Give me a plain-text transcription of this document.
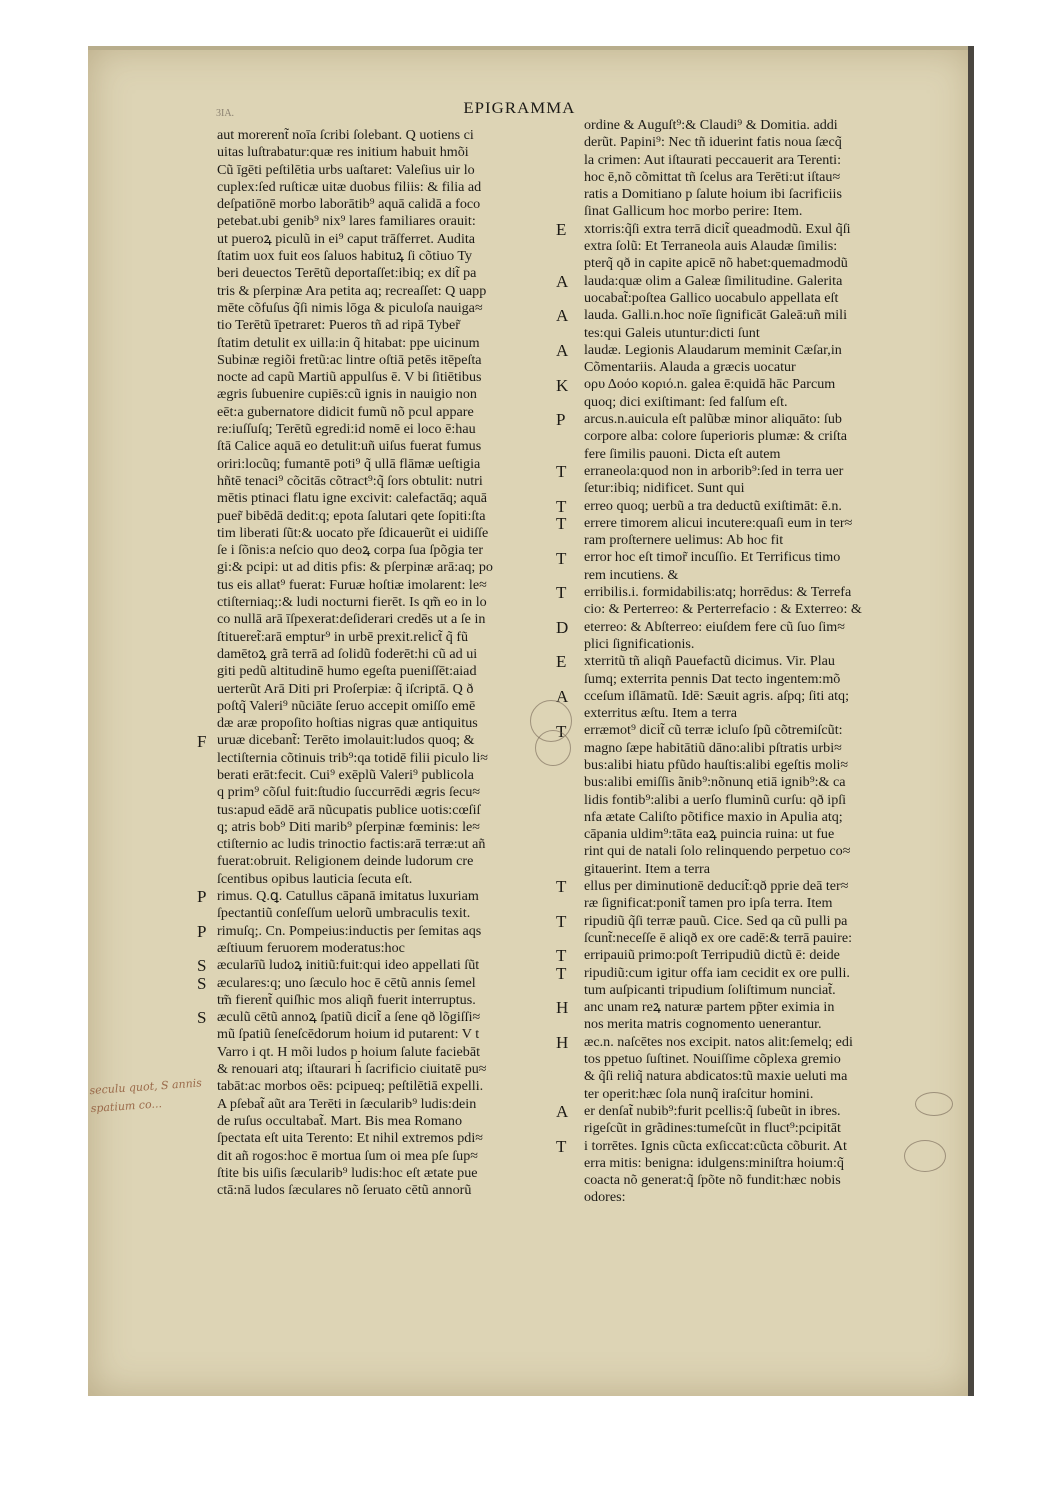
3IA.	EPIGRAMMA
aut morerent̃ noīa ſcribi ſolebant. Q uotiens ci
uitas luſtrabatur:quæ res initium habuit hmõi
Cũ īgēti peſtilētia urbs uaſtaret: Valeſius uir lo
cuplex:ſed ruſticæ uitæ duobus filiis: & filia ad
deſpatiōnē morbo laborātib⁹ aquā calidā a foco
petebat.ubi genib⁹ nix⁹ lares familiares orauit:
ut pueroꝝ piculũ in ei⁹ caput trāſferret. Audita
ſtatim uox fuit eos ſaluos habituꝝ ſi cõtiuo Ty
beri deuectos Terētũ deportaſſet:ibiq; ex dit̃ pa
tris & pſerpinæ Ara petita aq; recreaſſet: Q uapp
mēte cõfuſus q̃ſi nimis lōga & piculoſa nauiga≈
tio Terētũ īpetraret: Pueros tñ ad ripā Tyber̃
ſtatim detulit ex uilla:in q̃ hitabat: ppe uicinum
Subinæ regiõi fretũ:ac lintre oſtiā petēs itēpeſta
nocte ad capũ Martiũ appulſus ē. V bi ſitiētibus
ægris ſubuenire cupiēs:cũ ignis in nauigio non
eēt:a gubernatore didicit fumũ nõ pcul appare
re:iuſſuſq; Terētũ egredi:id nomē ei loco ē:hau
ſtā Calice aquā eo detulit:uñ uiſus fuerat fumus
oriri:locũq; fumantē poti⁹ q̃ ullā flāmæ ueſtigia
hñtē tenaci⁹ cõcitās cõtract⁹:q̃ ſors obtulit: nutri
mētis ptinaci flatu igne excivit: calefactāq; aquā
puer̃ bibēdā dedit:q; epota ſalutari qete ſopiti:ſta
tim liberati ſũt:& uocato pře ſdicauerũt ei uidiſſe
ſe i ſõnis:a neſcio quo deoꝝ corpa ſua ſpõgia ter
gi:& pcipi: ut ad ditis pfis: & pſerpinæ arā:aq; po
tus eis allat⁹ fuerat: Furuæ hoſtiæ imolarent: le≈
ctiſterniaq;:& ludi nocturni fierēt. Is qm̃ eo in lo
co nullā arā īſpexerat:deſiderari credēs ut a ſe in
ſtitueret̃:arā emptur⁹ in urbē prexit.relict̃ q̃ fũ
damētoꝝ grã terrā ad ſolidũ foderēt:hi cũ ad ui
giti pedũ altitudinē humo egeſta pueniſſēt:aiad
uerterũt Arā Diti pri Proſerpiæ: q̃ iſcriptā. Q ð
poſtq̃ Valeri⁹ nũciāte ſeruo accepit omiſſo emē
dæ aræ propoſito hoſtias nigras quæ antiquitus
uruæ dicebant̃: Terēto imolauit:ludos quoq; &
lectiſternia cõtinuis trib⁹:qa totidē filii piculo li≈
berati erāt:fecit. Cui⁹ exēplũ Valeri⁹ publicola
q prim⁹ cõſul fuit:ſtudio ſuccurrēdi ægris ſecu≈
tus:apud eādē arā nũcupatis publice uotis:cœſiſ
q; atris bob⁹ Diti marib⁹ pſerpinæ fœminis: le≈
ctiſternio ac ludis trinoctio factis:arā terræ:ut añ
fuerat:obruit. Religionem deinde ludorum cre
ſcentibus opibus lauticia ſecuta eſt.
rimus. Q.ꝗ. Catullus cāpanā imitatus luxuriam
ſpectantiũ conſeſſum uelorũ umbraculis texit.
rimuſq;. Cn. Pompeius:inductis per ſemitas aqs
æſtiuum feruorem moderatus:hoc
æcularīũ ludoꝝ initiũ:fuit:qui ideo appellati ſũt
æculares:q; uno ſæculo hoc ē cētũ annis ſemel
tm̃ fierent̃ quiſhic mos aliqñ fuerit interruptus.
æculũ cētũ annoꝝ ſpatiũ dicit̃ a ſene qð lõgiſſi≈
mũ ſpatiũ ſeneſcēdorum hoium id putarent: V t
Varro i qt. H mõi ludos p hoium ſalute faciebāt
& renouari atq; iſtaurari h̃ ſacrificio ciuitatē pu≈
tabāt:ac morbos oēs: pcipueq; peſtilētiā expelli.
A pſebat̃ aũt ara Terēti in ſæcularib⁹ ludis:dein
de ruſus occultabat̃. Mart. Bis mea Romano
ſpectata eſt uita Terento: Et nihil extremos pdi≈
dit añ rogos:hoc ē mortua ſum oi mea pſe ſup≈
ſtite bis uiſis ſæcularib⁹ ludis:hoc eſt ætate pue
ctā:nā ludos ſæculares nõ ſeruato cētũ annorũ
ordine & Auguſt⁹:& Claudi⁹ & Domitia. addi
derũt. Papini⁹: Nec tñ iduerint fatis noua ſæcq̃
la crimen: Aut iſtaurati peccauerit ara Terenti:
hoc ē,nõ cõmittat tñ ſcelus ara Terēti:ut iſtau≈
ratis a Domitiano p ſalute hoium ibi ſacrificiis
ſinat Gallicum hoc morbo perire: Item.
xtorris:q̃ſi extra terrā dicit̃ queadmodũ. Exul q̃ſi
extra ſolũ: Et Terraneola auis Alaudæ ſimilis:
pterq̃ qð in capite apicē nõ habet:quemadmodũ
lauda:quæ olim a Galeæ ſimilitudine. Galerita
uocabat̃:poſtea Gallico uocabulo appellata eſt
lauda. Galli.n.hoc noīe ſignificāt Galeā:uñ mili
tes:qui Galeis utuntur:dicti ſunt
laudæ. Legionis Alaudarum meminit Cæſar,in
Cõmentariis. Alauda a græcis uocatur
ορυ Δοόο κοριό.n. galea ē:quidā hāc Parcum
quoq; dici exiſtimant: ſed falſum eſt.
arcus.n.auicula eſt palũbæ minor aliquāto: ſub
corpore alba: colore ſuperioris plumæ: & criſta
fere ſimilis pauoni. Dicta eſt autem
erraneola:quod non in arborib⁹:ſed in terra uer
ſetur:ibiq; nidificet. Sunt qui
erreo quoq; uerbũ a tra deductũ exiſtimāt: ē.n.
errere timorem alicui incutere:quaſi eum in ter≈
ram proſternere uelimus: Ab hoc fit
error hoc eſt timor̃ incuſſio. Et Terrificus timo
rem incutiens. &
erribilis.i. formidabilis:atq; horrēdus: & Terrefa
cio: & Perterreo: & Perterrefacio : & Exterreo: &
eterreo: & Abſterreo: eiuſdem fere cũ ſuo ſim≈
plici ſignificationis.
xterritũ tñ aliqñ Pauefactũ dicimus. Vir. Plau
ſumq; exterrita pennis Dat tecto ingentem:mõ
cceſum iſlāmatũ. Idē: Sæuit agris. aſpq; ſiti atq;
exterritus æſtu. Item a terra
erræmot⁹ dicit̃ cũ terræ icluſo ſpũ cõtremiſcũt:
magno ſæpe habitātiũ dāno:alibi pſtratis urbi≈
bus:alibi hiatu pfũdo hauſtis:alibi egeſtis moli≈
bus:alibi emiſſis ãnib⁹:nõnunq etiā ignib⁹:& ca
lidis fontib⁹:alibi a uerſo fluminũ curſu: qð ipſi
nfa ætate Caliſto põtifice maxio in Apulia atq;
cāpania uldim⁹:tāta eaꝝ puincia ruina: ut fue
rint qui de natali ſolo relinquendo perpetuo co≈
gitauerint. Item a terra
ellus per diminutionē deducit̃:qð pprie deā ter≈
ræ ſignificat:ponit̃ tamen pro ipſa terra. Item
ripudiũ q̃ſi terræ pauũ. Cice. Sed qa cũ pulli pa
ſcunt̃:neceſſe ē aliqð ex ore cadē:& terrā pauire:
erripauiũ primo:poſt Terripudiũ dictũ ē: deide
ripudiũ:cum igitur offa iam cecidit ex ore pulli.
tum auſpicanti tripudium ſoliſtimum nunciat̃.
anc unam reꝝ naturæ partem pp̃ter eximia in
nos merita matris cognomento uenerantur.
æc.n. naſcētes nos excipit. natos alit:ſemelq; edi
tos ppetuo ſuſtinet. Nouiſſime cõplexa gremio
& q̃ſi reliq̃ natura abdicatos:tũ maxie ueluti ma
ter operit:hæc ſola nunq̃ iraſcitur homini.
er denſat̃ nubib⁹:furit pcellis:q̃ ſubeũt in ibres.
rigeſcũt in grãdines:tumeſcũt in fluct⁹:pcipitāt
i torrētes. Ignis cũcta exſiccat:cũcta cõburit. At
erra mitis: benigna: idulgens:miniſtra hoium:q̃
coacta nõ generat:q̃ ſpõte nõ fundit:hæc nobis
odores:
F
P
P
S
S
S
E
A
A
A
K
P
T
T
T
T
T
D
E
A
T
T
T
T
T
H
H
A
T
seculu quot, S annis spatium co...
